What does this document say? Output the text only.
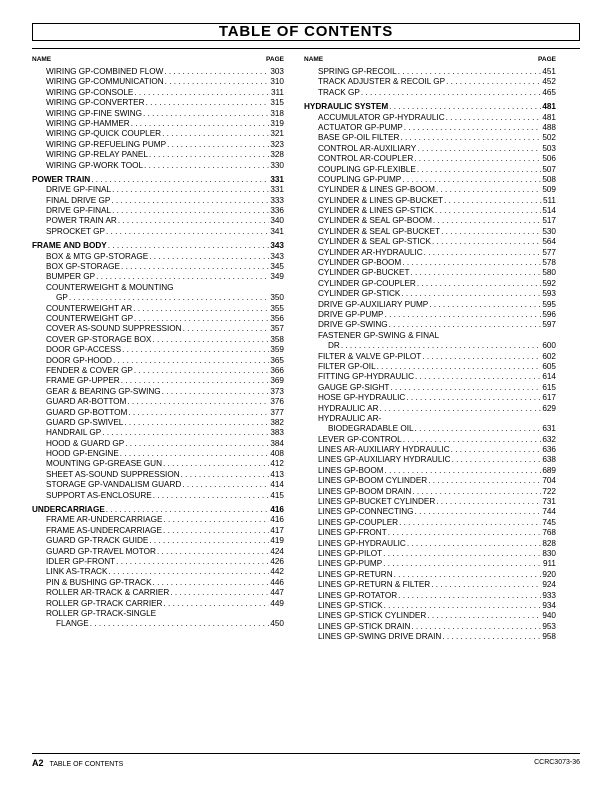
TABLE OF CONTENTS
NAME	PAGE
WIRING GP-COMBINED FLOW . . .	303
WIRING GP-COMMUNICATION . . .	310
WIRING GP-CONSOLE . . .	311
WIRING GP-CONVERTER . . .	315
WIRING GP-FINE SWING . . .	318
WIRING GP-HAMMER . . .	319
WIRING GP-QUICK COUPLER . . .	321
WIRING GP-REFUELING PUMP . . .	323
WIRING GP-RELAY PANEL . . .	328
WIRING GP-WORK TOOL . . .	330
POWER TRAIN . . .	331
DRIVE GP-FINAL . . .	331
FINAL DRIVE GP . . .	333
DRIVE GP-FINAL . . .	336
POWER TRAIN AR . . .	340
SPROCKET GP . . .	341
FRAME AND BODY . . .	343
BOX & MTG GP-STORAGE . . .	343
BOX GP-STORAGE . . .	345
BUMPER GP . . .	349
COUNTERWEIGHT & MOUNTING
GP . . .	350
COUNTERWEIGHT AR . . .	355
COUNTERWEIGHT GP . . .	356
COVER AS-SOUND SUPPRESSION . . .	357
COVER GP-STORAGE BOX . . .	358
DOOR GP-ACCESS . . .	359
DOOR GP-HOOD . . .	365
FENDER & COVER GP . . .	366
FRAME GP-UPPER . . .	369
GEAR & BEARING GP-SWING . . .	373
GUARD AR-BOTTOM . . .	376
GUARD GP-BOTTOM . . .	377
GUARD GP-SWIVEL . . .	382
HANDRAIL GP . . .	383
HOOD & GUARD GP . . .	384
HOOD GP-ENGINE . . .	408
MOUNTING GP-GREASE GUN . . .	412
SHEET AS-SOUND SUPPRESSION . . .	413
STORAGE GP-VANDALISM GUARD . . .	414
SUPPORT AS-ENCLOSURE . . .	415
UNDERCARRIAGE . . .	416
FRAME AR-UNDERCARRIAGE . . .	416
FRAME AS-UNDERCARRIAGE . . .	417
GUARD GP-TRACK GUIDE . . .	419
GUARD GP-TRAVEL MOTOR . . .	424
IDLER GP-FRONT . . .	426
LINK AS-TRACK . . .	442
PIN & BUSHING GP-TRACK . . .	446
ROLLER AR-TRACK & CARRIER . . .	447
ROLLER GP-TRACK CARRIER . . .	449
ROLLER GP-TRACK-SINGLE
FLANGE . . .	450
NAME	PAGE
SPRING GP-RECOIL . . .	451
TRACK ADJUSTER & RECOIL GP . . .	452
TRACK GP . . .	465
HYDRAULIC SYSTEM . . .	481
ACCUMULATOR GP-HYDRAULIC . . .	481
ACTUATOR GP-PUMP . . .	488
BASE GP-OIL FILTER . . .	502
CONTROL AR-AUXILIARY . . .	503
CONTROL AR-COUPLER . . .	506
COUPLING GP-FLEXIBLE . . .	507
COUPLING GP-PUMP . . .	508
CYLINDER & LINES GP-BOOM . . .	509
CYLINDER & LINES GP-BUCKET . . .	511
CYLINDER & LINES GP-STICK . . .	514
CYLINDER & SEAL GP-BOOM . . .	517
CYLINDER & SEAL GP-BUCKET . . .	530
CYLINDER & SEAL GP-STICK . . .	564
CYLINDER AR-HYDRAULIC . . .	577
CYLINDER GP-BOOM . . .	578
CYLINDER GP-BUCKET . . .	580
CYLINDER GP-COUPLER . . .	592
CYLINDER GP-STICK . . .	593
DRIVE GP-AUXILIARY PUMP . . .	595
DRIVE GP-PUMP . . .	596
DRIVE GP-SWING . . .	597
FASTENER GP-SWING & FINAL
DR . . .	600
FILTER & VALVE GP-PILOT . . .	602
FILTER GP-OIL . . .	605
FITTING GP-HYDRAULIC . . .	614
GAUGE GP-SIGHT . . .	615
HOSE GP-HYDRAULIC . . .	617
HYDRAULIC AR . . .	629
HYDRAULIC AR-
BIODEGRADABLE OIL . . .	631
LEVER GP-CONTROL . . .	632
LINES AR-AUXILIARY HYDRAULIC . . .	636
LINES GP-AUXILIARY HYDRAULIC . . .	638
LINES GP-BOOM . . .	689
LINES GP-BOOM CYLINDER . . .	704
LINES GP-BOOM DRAIN . . .	722
LINES GP-BUCKET CYLINDER . . .	731
LINES GP-CONNECTING . . .	744
LINES GP-COUPLER . . .	745
LINES GP-FRONT . . .	768
LINES GP-HYDRAULIC . . .	828
LINES GP-PILOT . . .	830
LINES GP-PUMP . . .	911
LINES GP-RETURN . . .	920
LINES GP-RETURN & FILTER . . .	924
LINES GP-ROTATOR . . .	933
LINES GP-STICK . . .	934
LINES GP-STICK CYLINDER . . .	940
LINES GP-STICK DRAIN . . .	953
LINES GP-SWING DRIVE DRAIN . . .	958
A2 TABLE OF CONTENTS	CCRC3073-36
